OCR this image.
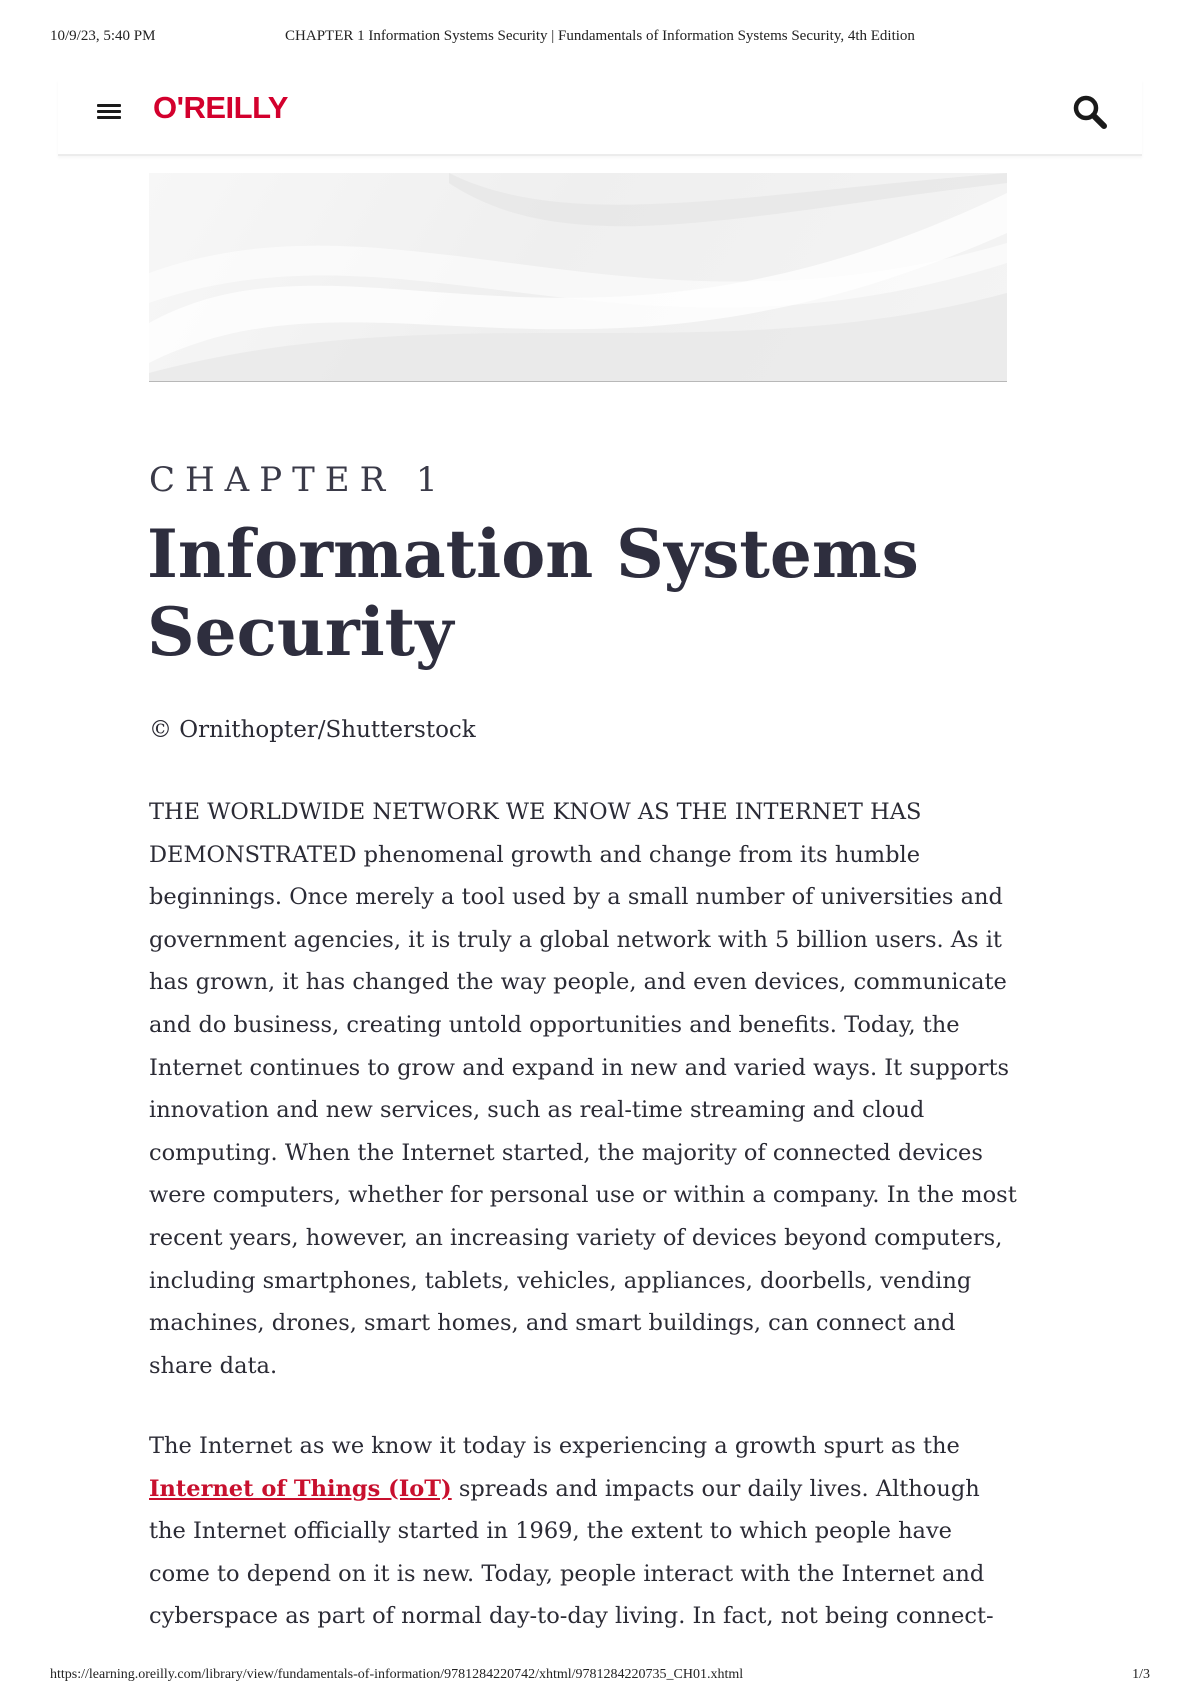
10/9/23, 5:40 PM	CHAPTER 1 Information Systems Security | Fundamentals of Information Systems Security, 4th Edition
O'REILLY
CHAPTER 1
Information Systems Security
© Ornithopter/Shutterstock

THE WORLDWIDE NETWORK WE KNOW AS THE INTERNET HAS DEMONSTRATED phenomenal growth and change from its humble beginnings. Once merely a tool used by a small number of universities and government agencies, it is truly a global network with 5 billion users. As it has grown, it has changed the way people, and even devices, communicate and do business, creating untold opportunities and benefits. Today, the Internet continues to grow and expand in new and varied ways. It supports innovation and new services, such as real-time streaming and cloud computing. When the Internet started, the majority of connected devices were computers, whether for personal use or within a company. In the most recent years, however, an increasing variety of devices beyond computers, including smartphones, tablets, vehicles, appliances, doorbells, vending machines, drones, smart homes, and smart buildings, can connect and share data.

The Internet as we know it today is experiencing a growth spurt as the Internet of Things (IoT) spreads and impacts our daily lives. Although the Internet officially started in 1969, the extent to which people have come to depend on it is new. Today, people interact with the Internet and cyberspace as part of normal day-to-day living. In fact, not being connect-

https://learning.oreilly.com/library/view/fundamentals-of-information/9781284220742/xhtml/9781284220735_CH01.xhtml	1/3
